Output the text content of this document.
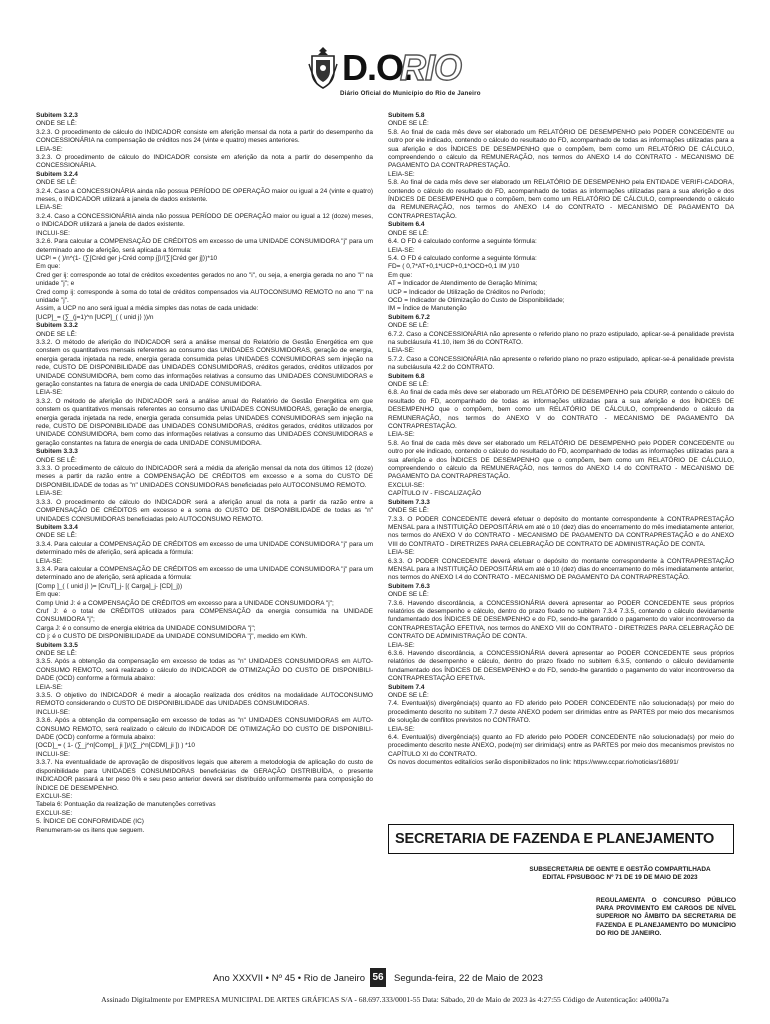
D.O.
RIO
Diário Oficial do Município do Rio de Janeiro

Subitem 3.2.3

ONDE SE LÊ:

3.2.3. O procedimento de cálculo do INDICADOR consiste em aferição mensal da nota a partir do desempenho da CONCESSIONÁRIA na compensação de créditos nos 24 (vinte e quatro) meses anteriores.

LEIA-SE:

3.2.3. O procedimento de cálculo do INDICADOR consiste em aferição da nota a partir do desempenho da CONCESSIONÁRIA.

Subitem 3.2.4

ONDE SE LÊ:

3.2.4. Caso a CONCESSIONÁRIA ainda não possua PERÍODO DE OPERAÇÃO maior ou igual a 24 (vinte e quatro) meses, o INDICADOR utilizará a janela de dados existente.

LEIA-SE:

3.2.4. Caso a CONCESSIONÁRIA ainda não possua PERÍODO DE OPERAÇÃO maior ou igual a 12 (doze) meses, o INDICADOR utilizará a janela de dados existente.

INCLUI-SE:

3.2.6. Para calcular a COMPENSAÇÃO DE CRÉDITOS em excesso de uma UNIDADE CONSUMIDORA "j" para um determinado ano de aferição, será aplicada a fórmula:

UCPʲ = ( )/n^(1- ⟨∑[Créd ger j-Créd comp j]⟩/⟨∑[Créd ger j]⟩)*10

Em que:

Cred ger ij: corresponde ao total de créditos excedentes gerados no ano "i", ou seja, a energia gerada no ano "i" na unidade "j"; e

Cred comp ij: corresponde à soma do total de créditos compensados via AUTOCONSUMO REMOTO no ano "i" na unidade "j".

Assim, a UCP no ano será igual a média simples das notas de cada unidade:

[UCP]_= (∑_(j=1)^n [UCP]_( ⟨ unid j⟩ ))/n

Subitem 3.3.2

ONDE SE LÊ:

3.3.2. O método de aferição do INDICADOR será a análise mensal do Relatório de Gestão Energética em que constem os quantitativos mensais referentes ao consumo das UNIDADES CONSUMIDORAS, geração de energia, energia gerada injetada na rede, energia gerada consumida pelas UNIDADES CONSUMIDORAS sem injeção na rede, CUSTO DE DISPONIBILIDADE das UNIDADES CONSUMIDORAS, créditos gerados, créditos utilizados por UNIDADE CONSUMIDORA, bem como das informações relativas a consumo das UNIDADES CONSUMIDORAS e geração constantes na fatura de energia de cada UNIDADE CONSUMIDORA.

LEIA-SE:

3.3.2. O método de aferição do INDICADOR será a análise anual do Relatório de Gestão Energética em que constem os quantitativos mensais referentes ao consumo das UNIDADES CONSUMIDORAS, geração de energia, energia gerada injetada na rede, energia gerada consumida pelas UNIDADES CONSUMIDORAS sem injeção na rede, CUSTO DE DISPONIBILIDADE das UNIDADES CONSUMIDORAS, créditos gerados, créditos utilizados por UNIDADE CONSUMIDORA, bem como das informações relativas a consumo das UNIDADES CONSUMIDORAS e geração constantes na fatura de energia de cada UNIDADE CONSUMIDORA.

Subitem 3.3.3

ONDE SE LÊ:

3.3.3. O procedimento de cálculo do INDICADOR será a média da aferição mensal da nota dos últimos 12 (doze) meses a partir da razão entre a COMPENSAÇÃO DE CRÉDITOS em excesso e a soma do CUSTO DE DISPONIBILIDADE de todas as "n" UNIDADES CONSUMIDORAS beneficiadas pelo AUTOCONSUMO REMOTO.

LEIA-SE:

3.3.3. O procedimento de cálculo do INDICADOR será a aferição anual da nota a partir da razão entre a COMPENSAÇÃO DE CRÉDITOS em excesso e a soma do CUSTO DE DISPONIBILIDADE de todas as "n" UNIDADES CONSUMIDORAS beneficiadas pelo AUTOCONSUMO REMOTO.

Subitem 3.3.4

ONDE SE LÊ:

3.3.4. Para calcular a COMPENSAÇÃO DE CRÉDITOS em excesso de uma UNIDADE CONSUMIDORA "j" para um determinado mês de aferição, será aplicada a fórmula:

LEIA-SE:

3.3.4. Para calcular a COMPENSAÇÃO DE CRÉDITOS em excesso de uma UNIDADE CONSUMIDORA "j" para um determinado ano de aferição, será aplicada a fórmula:

[Comp ]_( ⟨ unid j⟩ )= [CruT]_j- [( Carga]_j- [CD]_j))

Em que:

Comp Unid J: é a COMPENSAÇÃO DE CRÉDITOS em excesso para a UNIDADE CONSUMIDORA "j";

Cruf J: é o total de CRÉDITOS utilizados para COMPENSAÇÃO da energia consumida na UNIDADE CONSUMIDORA "j";

Carga J: é o consumo de energia elétrica da UNIDADE CONSUMIDORA "j";

CD j: é o CUSTO DE DISPONIBILIDADE da UNIDADE CONSUMIDORA "j", medido em KWh.

Subitem 3.3.5

ONDE SE LÊ:

3.3.5. Após a obtenção da compensação em excesso de todas as "n" UNIDADES CONSUMIDORAS em AUTO-CONSUMO REMOTO, será realizado o cálculo do INDICADOR de OTIMIZAÇÃO DO CUSTO DE DISPONIBILI-DADE (OCD) conforme a fórmula abaixo:

LEIA-SE:

3.3.5. O objetivo do INDICADOR é medir a alocação realizada dos créditos na modalidade AUTOCONSUMO REMOTO considerando o CUSTO DE DISPONIBILIDADE das UNIDADES CONSUMIDORAS.

INCLUI-SE:

3.3.6. Após a obtenção da compensação em excesso de todas as "n" UNIDADES CONSUMIDORAS em AUTO-CONSUMO REMOTO, será realizado o cálculo do INDICADOR DE OTIMIZAÇÃO DO CUSTO DE DISPONIBILI-DADE (OCD) conforme a fórmula abaixo:

[OCD]_= ( 1- (∑_j^n[Comp]_ ji ])/(∑_j^n[CDM]_ji ]) ) *10

INCLUI-SE:

3.3.7. Na eventualidade de aprovação de dispositivos legais que alterem a metodologia de aplicação do custo de disponibilidade para UNIDADES CONSUMIDORAS beneficiárias de GERAÇÃO DISTRIBUÍDA, o presente INDICADOR passará a ter peso 0% e seu peso anterior deverá ser distribuído uniformemente para composição do ÍNDICE DE DESEMPENHO.

EXCLUI-SE:

Tabela 6: Pontuação da realização de manutenções corretivas

EXCLUI-SE:

5. ÍNDICE DE CONFORMIDADE (IC)

Renumeram-se os itens que seguem.

Subitem 5.8

ONDE SE LÊ:

5.8. Ao final de cada mês deve ser elaborado um RELATÓRIO DE DESEMPENHO pelo PODER CONCEDENTE ou outro por ele indicado, contendo o cálculo do resultado do FD, acompanhado de todas as informações utilizadas para a sua aferição e dos ÍNDICES DE DESEMPENHO que o compõem, bem como um RELATÓRIO DE CÁLCULO, compreendendo o cálculo da REMUNERAÇÃO, nos termos do ANEXO I.4 do CONTRATO - MECANISMO DE PAGAMENTO DA CONTRAPRESTAÇÃO.

LEIA-SE:

5.8. Ao final de cada mês deve ser elaborado um RELATÓRIO DE DESEMPENHO pela ENTIDADE VERIFI-CADORA, contendo o cálculo do resultado do FD, acompanhado de todas as informações utilizadas para a sua aferição e dos ÍNDICES DE DESEMPENHO que o compõem, bem como um RELATÓRIO DE CÁLCULO, compreendendo o cálculo da REMUNERAÇÃO, nos termos do ANEXO I.4 do CONTRATO - MECANISMO DE PAGAMENTO DA CONTRAPRESTAÇÃO.

Subitem 6.4

ONDE SE LÊ:

6.4. O FD é calculado conforme a seguinte fórmula:

LEIA-SE:

5.4. O FD é calculado conforme a seguinte fórmula:

FD= ( 0,7*AT+0,1*UCP+0,1*OCD+0,1 IM )/10

Em que:

AT = Indicador de Atendimento de Geração Mínima;

UCP = Indicador de Utilização de Créditos no Período;

OCD = Indicador de Otimização do Custo de Disponibilidade;

IM = Índice de Manutenção

Subitem 6.7.2

ONDE SE LÊ:

6.7.2. Caso a CONCESSIONÁRIA não apresente o referido plano no prazo estipulado, aplicar-se-á penalidade prevista na subcláusula 41.10, item 36 do CONTRATO.

LEIA-SE:

5.7.2. Caso a CONCESSIONÁRIA não apresente o referido plano no prazo estipulado, aplicar-se-á penalidade prevista na subcláusula 42.2 do CONTRATO.

Subitem 6.8

ONDE SE LÊ:

6.8. Ao final de cada mês deve ser elaborado um RELATÓRIO DE DESEMPENHO pela CDURP, contendo o cálculo do resultado do FD, acompanhado de todas as informações utilizadas para a sua aferição e dos ÍNDICES DE DESEMPENHO que o compõem, bem como um RELATÓRIO DE CÁLCULO, compreendendo o cálculo da REMUNERAÇÃO, nos termos do ANEXO V do CONTRATO - MECANISMO DE PAGAMENTO DA CONTRAPRESTAÇÃO.

LEIA-SE:

5.8. Ao final de cada mês deve ser elaborado um RELATÓRIO DE DESEMPENHO pelo PODER CONCEDENTE ou outro por ele indicado, contendo o cálculo do resultado do FD, acompanhado de todas as informações utilizadas para a sua aferição e dos ÍNDICES DE DESEMPENHO que o compõem, bem como um RELATÓRIO DE CÁLCULO, compreendendo o cálculo da REMUNERAÇÃO, nos termos do ANEXO I.4 do CONTRATO - MECANISMO DE PAGAMENTO DA CONTRAPRESTAÇÃO.

EXCLUI-SE:

CAPÍTULO IV - FISCALIZAÇÃO

Subitem 7.3.3

ONDE SE LÊ:

7.3.3. O PODER CONCEDENTE deverá efetuar o depósito do montante correspondente à CONTRAPRESTAÇÃO MENSAL para a INSTITUIÇÃO DEPOSITÁRIA em até o 10 (dez) dias do encerramento do mês imediatamente anterior, nos termos do ANEXO V do CONTRATO - MECANISMO DE PAGAMENTO DA CONTRAPRESTAÇÃO e do ANEXO VIII do CONTRATO - DIRETRIZES PARA CELEBRAÇÃO DE CONTRATO DE ADMINISTRAÇÃO DE CONTA.

LEIA-SE:

6.3.3. O PODER CONCEDENTE deverá efetuar o depósito do montante correspondente à CONTRAPRESTAÇÃO MENSAL para a INSTITUIÇÃO DEPOSITÁRIA em até o 10 (dez) dias do encerramento do mês imediatamente anterior, nos termos do ANEXO I.4 do CONTRATO - MECANISMO DE PAGAMENTO DA CONTRAPRESTAÇÃO.

Subitem 7.6.3

ONDE SE LÊ:

7.3.6. Havendo discordância, a CONCESSIONÁRIA deverá apresentar ao PODER CONCEDENTE seus próprios relatórios de desempenho e cálculo, dentro do prazo fixado no subitem 7.3.4 7.3.5, contendo o cálculo devidamente fundamentado dos ÍNDICES DE DESEMPENHO e do FD, sendo-lhe garantido o pagamento do valor incontroverso da CONTRAPRESTAÇÃO EFETIVA, nos termos do ANEXO VIII do CONTRATO - DIRETRIZES PARA CELEBRAÇÃO DE CONTRATO DE ADMINISTRAÇÃO DE CONTA.

LEIA-SE:

6.3.6. Havendo discordância, a CONCESSIONÁRIA deverá apresentar ao PODER CONCEDENTE seus próprios relatórios de desempenho e cálculo, dentro do prazo fixado no subitem 6.3.5, contendo o cálculo devidamente fundamentado dos ÍNDICES DE DESEMPENHO e do FD, sendo-lhe garantido o pagamento do valor incontroverso da CONTRAPRESTAÇÃO EFETIVA.

Subitem 7.4

ONDE SE LÊ:

7.4. Eventual(is) divergência(s) quanto ao FD aferido pelo PODER CONCEDENTE não solucionada(s) por meio do procedimento descrito no subitem 7.7 deste ANEXO podem ser dirimidas entre as PARTES por meio dos mecanismos de solução de conflitos previstos no CONTRATO.

LEIA-SE:

6.4. Eventual(is) divergência(s) quanto ao FD aferido pelo PODER CONCEDENTE não solucionada(s) por meio do procedimento descrito neste ANEXO, pode(m) ser dirimida(s) entre as PARTES por meio dos mecanismos previstos no CAPÍTULO XI do CONTRATO.

Os novos documentos editalícios serão disponibilizados no link: https://www.ccpar.rio/noticias/16891/

SECRETARIA DE FAZENDA E PLANEJAMENTO
SUBSECRETARIA DE GENTE E GESTÃO COMPARTILHADA
EDITAL FP/SUBGGC Nº 71 DE 19 DE MAIO DE 2023
REGULAMENTA O CONCURSO PÚBLICO PARA PROVIMENTO EM CARGOS DE NÍVEL SUPERIOR NO ÂMBITO DA SECRETARIA DE FAZENDA E PLANEJAMENTO DO MUNICÍPIO DO RIO DE JANEIRO.
Ano XXXVII • Nº 45 • Rio de Janeiro 56 Segunda-feira, 22 de Maio de 2023
Assinado Digitalmente por EMPRESA MUNICIPAL DE ARTES GRÁFICAS S/A - 68.697.333/0001-55 Data: Sábado, 20 de Maio de 2023 às 4:27:55 Código de Autenticação: a4000a7a
